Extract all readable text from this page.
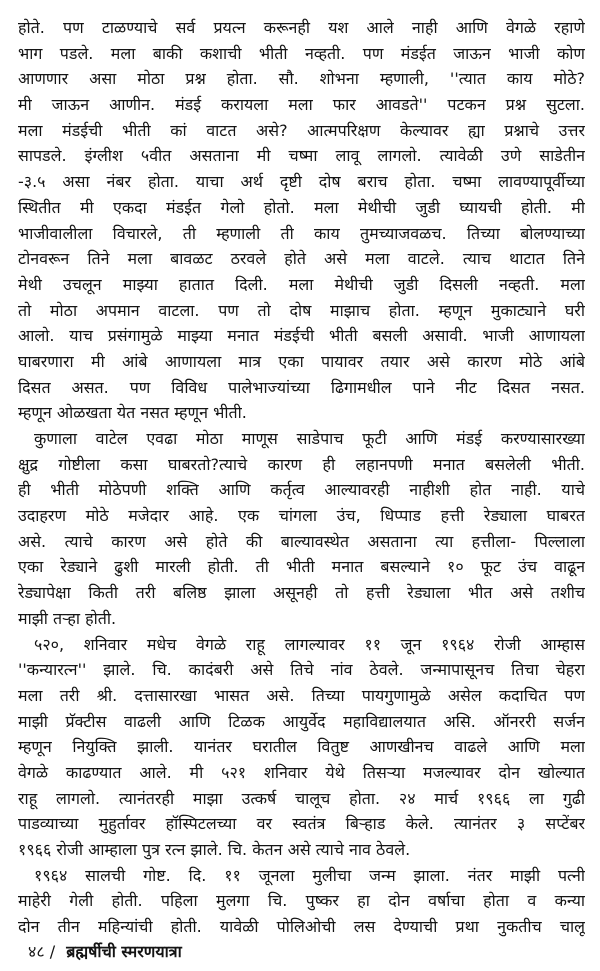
होते. पण टाळण्याचे सर्व प्रयत्न करूनही यश आले नाही आणि वेगळे रहाणे
भाग पडले. मला बाकी कशाची भीती नव्हती. पण मंडईत जाऊन भाजी कोण
आणणार असा मोठा प्रश्न होता. सौ. शोभना म्हणाली, ''त्यात काय मोठे?
मी जाऊन आणीन. मंडई करायला मला फार आवडते'' पटकन प्रश्न सुटला.
मला मंडईची भीती कां वाटत असे? आत्मपरिक्षण केल्यावर ह्या प्रश्नाचे उत्तर
सापडले. इंग्लीश ५वीत असताना मी चष्मा लावू लागलो. त्यावेळी उणे साडेतीन
-३.५ असा नंबर होता. याचा अर्थ दृष्टी दोष बराच होता. चष्मा लावण्यापूर्वीच्या
स्थितीत मी एकदा मंडईत गेलो होतो. मला मेथीची जुडी घ्यायची होती. मी
भाजीवालीला विचारले, ती म्हणाली ती काय तुमच्याजवळच. तिच्या बोलण्याच्या
टोनवरून तिने मला बावळट ठरवले होते असे मला वाटले. त्याच थाटात तिने
मेथी उचलून माझ्या हातात दिली. मला मेथीची जुडी दिसली नव्हती. मला
तो मोठा अपमान वाटला. पण तो दोष माझाच होता. म्हणून मुकाट्याने घरी
आलो. याच प्रसंगामुळे माझ्या मनात मंडईची भीती बसली असावी. भाजी आणायला
घाबरणारा मी आंबे आणायला मात्र एका पायावर तयार असे कारण मोठे आंबे
दिसत असत. पण विविध पालेभाज्यांच्या ढिगामधील पाने नीट दिसत नसत.
म्हणून ओळखता येत नसत म्हणून भीती.
कुणाला वाटेल एवढा मोठा माणूस साडेपाच फूटी आणि मंडई करण्यासारख्या
क्षुद्र गोष्टीला कसा घाबरतो?त्याचे कारण ही लहानपणी मनात बसलेली भीती.
ही भीती मोठेपणी शक्ति आणि कर्तृत्व आल्यावरही नाहीशी होत नाही. याचे
उदाहरण मोठे मजेदार आहे. एक चांगला उंच, धिप्पाड हत्ती रेड्याला घाबरत
असे. त्याचे कारण असे होते की बाल्यावस्थेत असताना त्या हत्तीला- पिल्लाला
एका रेड्याने ढुशी मारली होती. ती भीती मनात बसल्याने १० फूट उंच वाढून
रेड्यापेक्षा किती तरी बलिष्ठ झाला असूनही तो हत्ती रेड्याला भीत असे तशीच
माझी तऱ्हा होती.
५२०, शनिवार मधेच वेगळे राहू लागल्यावर ११ जून १९६४ रोजी आम्हास
''कन्यारत्न'' झाले. चि. कादंबरी असे तिचे नांव ठेवले. जन्मापासूनच तिचा चेहरा
मला तरी श्री. दत्तासारखा भासत असे. तिच्या पायगुणामुळे असेल कदाचित पण
माझी प्रॅक्टीस वाढली आणि टिळक आयुर्वेद महाविद्यालयात असि. ऑनररी सर्जन
म्हणून नियुक्ति झाली. यानंतर घरातील वितुष्ट आणखीनच वाढले आणि मला
वेगळे काढण्यात आले. मी ५२१ शनिवार येथे तिसऱ्या मजल्यावर दोन खोल्यात
राहू लागलो. त्यानंतरही माझा उत्कर्ष चालूच होता. २४ मार्च १९६६ ला गुढी
पाडव्याच्या मुहुर्तावर हॉस्पिटलच्या वर स्वतंत्र बिऱ्हाड केले. त्यानंतर ३ सप्टेंबर
१९६६ रोजी आम्हाला पुत्र रत्न झाले. चि. केतन असे त्याचे नाव ठेवले.
१९६४ सालची गोष्ट. दि. ११ जूनला मुलीचा जन्म झाला. नंतर माझी पत्नी
माहेरी गेली होती. पहिला मुलगा चि. पुष्कर हा दोन वर्षाचा होता व कन्या
दोन तीन महिन्यांची होती. यावेळी पोलिओची लस देण्याची प्रथा नुकतीच चालू
४८ / ब्रह्मर्षीची स्मरणयात्रा
